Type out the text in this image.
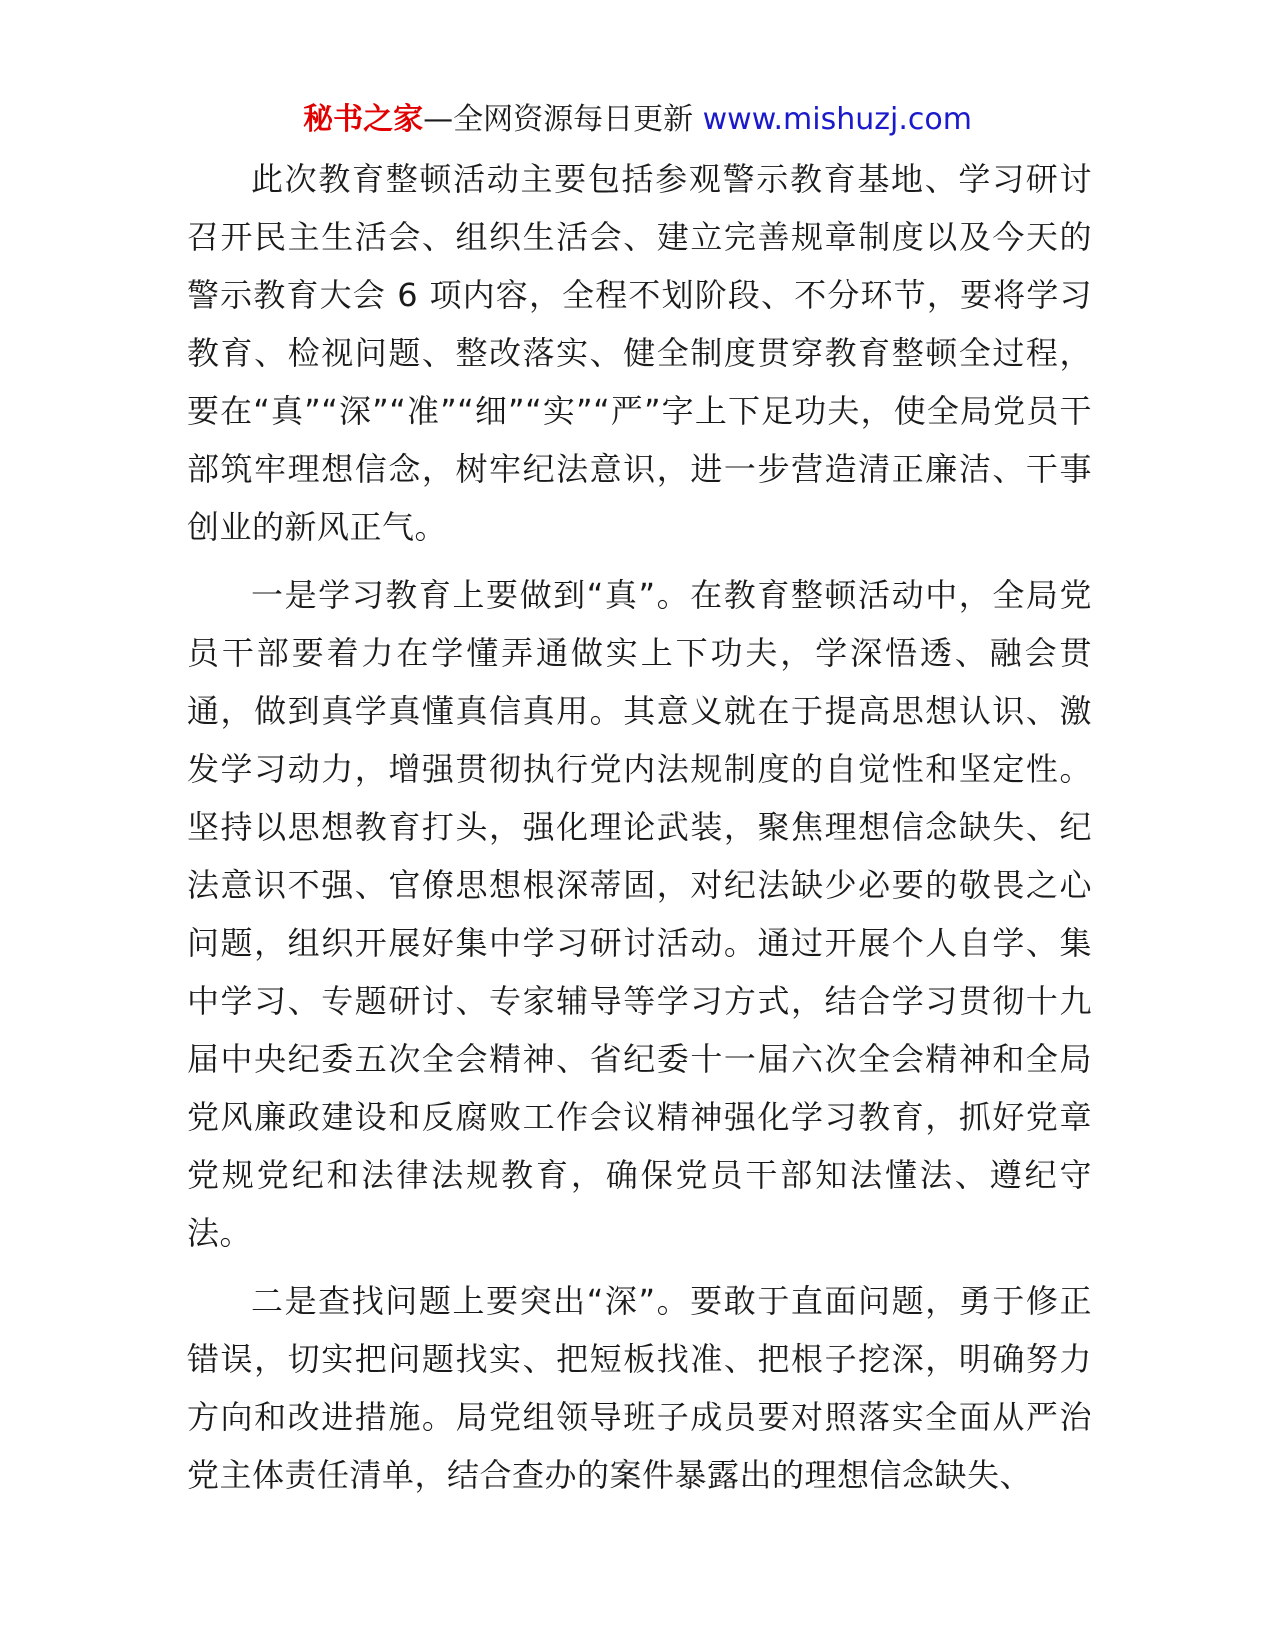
秘书之家—全网资源每日更新 www.mishuzj.com

此次教育整顿活动主要包括参观警示教育基地、学习研讨召开民主生活会、组织生活会、建立完善规章制度以及今天的警示教育大会 6 项内容，全程不划阶段、不分环节，要将学习教育、检视问题、整改落实、健全制度贯穿教育整顿全过程，要在“真”“深”“准”“细”“实”“严”字上下足功夫，使全局党员干部筑牢理想信念，树牢纪法意识，进一步营造清正廉洁、干事创业的新风正气。

一是学习教育上要做到“真”。在教育整顿活动中，全局党员干部要着力在学懂弄通做实上下功夫，学深悟透、融会贯通，做到真学真懂真信真用。其意义就在于提高思想认识、激发学习动力，增强贯彻执行党内法规制度的自觉性和坚定性。坚持以思想教育打头，强化理论武装，聚焦理想信念缺失、纪法意识不强、官僚思想根深蒂固，对纪法缺少必要的敬畏之心问题，组织开展好集中学习研讨活动。通过开展个人自学、集中学习、专题研讨、专家辅导等学习方式，结合学习贯彻十九届中央纪委五次全会精神、省纪委十一届六次全会精神和全局党风廉政建设和反腐败工作会议精神强化学习教育，抓好党章党规党纪和法律法规教育，确保党员干部知法懂法、遵纪守法。

二是查找问题上要突出“深”。要敢于直面问题，勇于修正错误，切实把问题找实、把短板找准、把根子挖深，明确努力方向和改进措施。局党组领导班子成员要对照落实全面从严治党主体责任清单，结合查办的案件暴露出的理想信念缺失、
